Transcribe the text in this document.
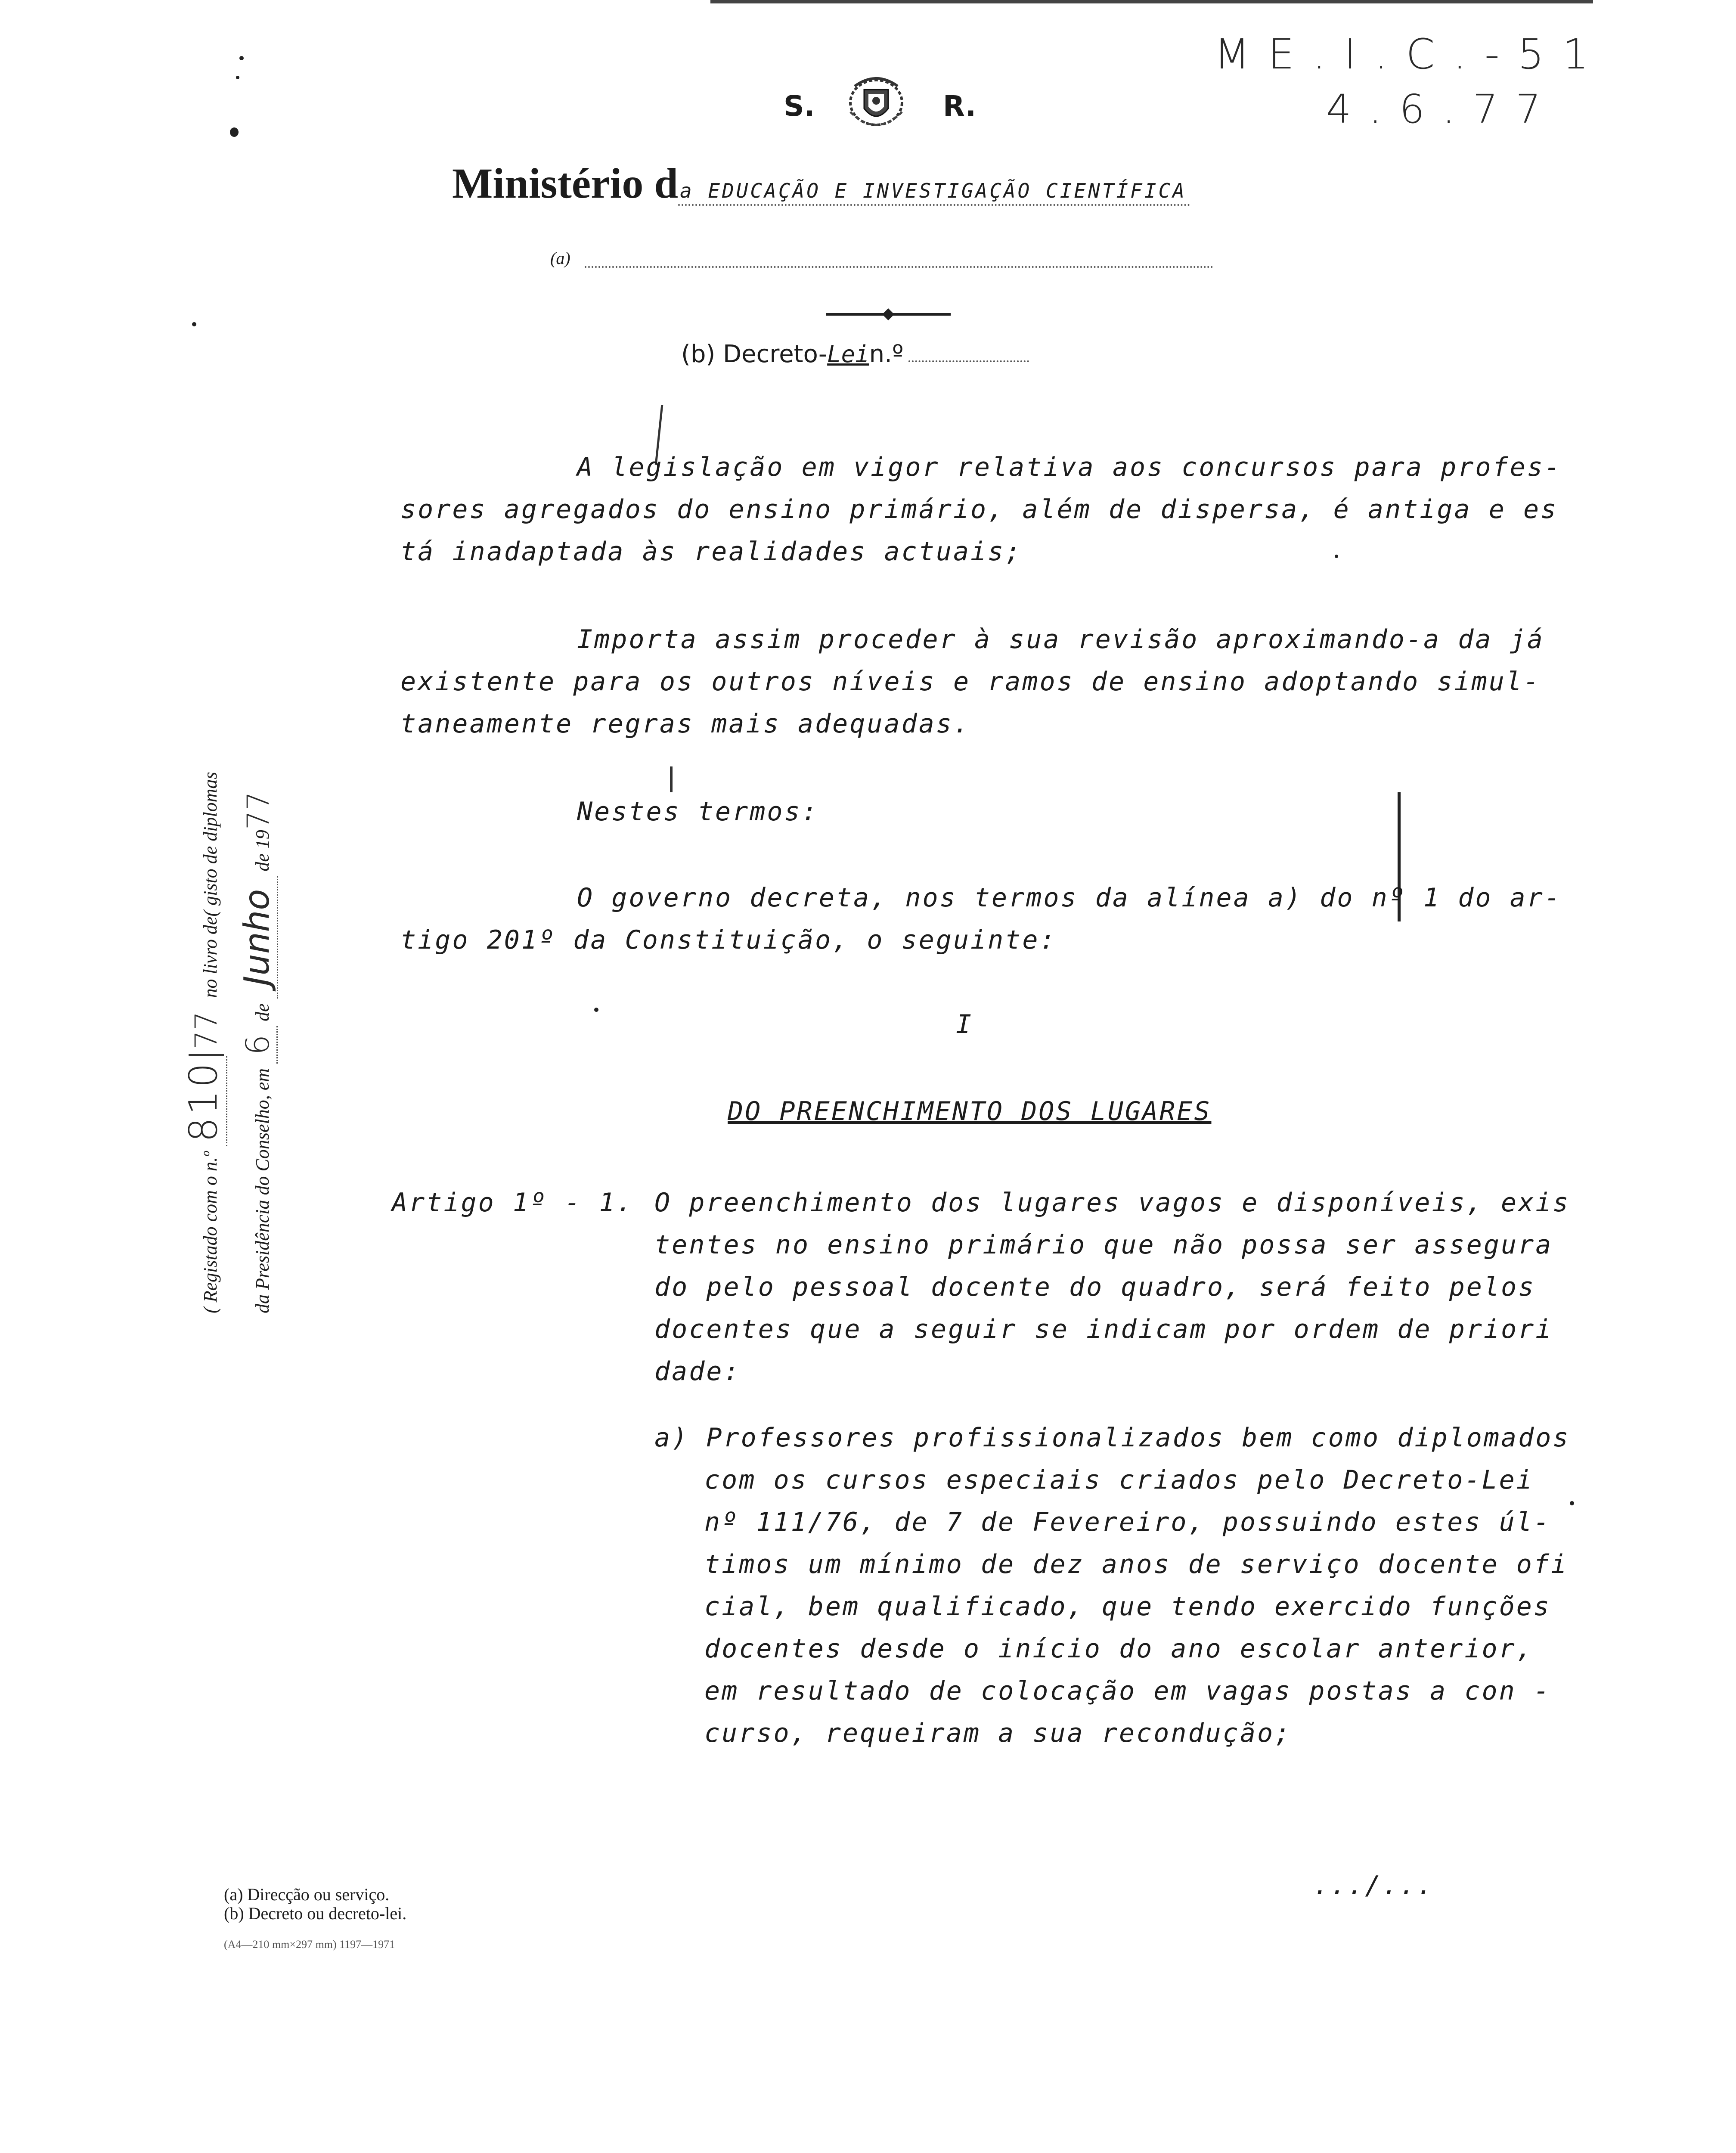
M E . I . C . - 5 1
4 . 6 . 7 7
S.	R.
Ministério da EDUCAÇÃO E INVESTIGAÇÃO CIENTÍFICA
(a)
(b) Decreto-Lein.º
A legislação em vigor relativa aos concursos para profes-
sores agregados do ensino primário, além de dispersa, é antiga e es
tá inadaptada às realidades actuais;
Importa assim proceder à sua revisão aproximando-a da já
existente para os outros níveis e ramos de ensino adoptando simul-
taneamente regras mais adequadas.
Nestes termos:
O governo decreta, nos termos da alínea a) do nº 1 do ar-
tigo 201º da Constituição, o seguinte:
I
DO PREENCHIMENTO DOS LUGARES
Artigo 1º - 1. O preenchimento dos lugares vagos e disponíveis, exis
tentes no ensino primário que não possa ser assegura
do pelo pessoal docente do quadro, será feito pelos
docentes que a seguir se indicam por ordem de priori
dade:
a) Professores profissionalizados bem como diplomados
com os cursos especiais criados pelo Decreto-Lei
nº 111/76, de 7 de Fevereiro, possuindo estes úl-
timos um mínimo de dez anos de serviço docente ofi
cial, bem qualificado, que tendo exercido funções
docentes desde o início do ano escolar anterior,
em resultado de colocação em vagas postas a con -
curso, requeiram a sua recondução;
( Registado com o n.º 81077 no livro de( gisto de diplomas
da Presidência do Conselho, em 6 de Junho de 1977
(a) Direcção ou serviço.
(b) Decreto ou decreto-lei.
(A4—210 mm×297 mm) 1197—1971
.../...
